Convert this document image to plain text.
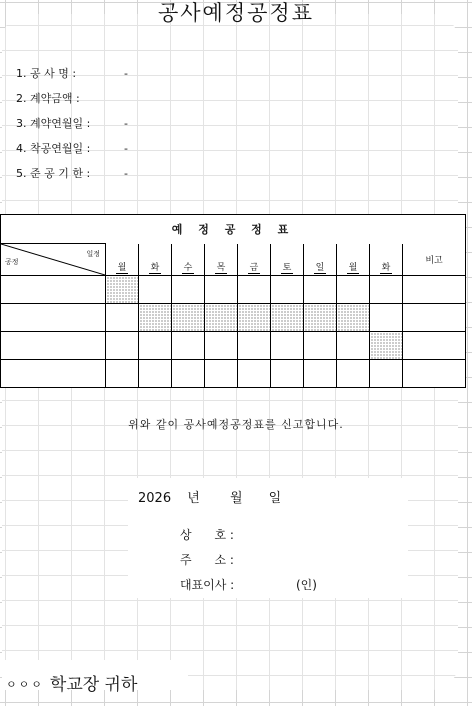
공사예정공정표
1. 공 사 명 :	-
2. 계약금액 :
3. 계약연월일 :	-
4. 착공연월일 :	-
5. 준 공 기 한 :	-
예 정 공 정 표										

공정
일정	월	화	수	목	금	토	일	월	화	비고

위와 같이 공사예정공정표를 신고합니다.
2026 년 월 일
상      호 :
주      소 :
대표이사 :	(인)
ㅇㅇㅇ 학교장 귀하
